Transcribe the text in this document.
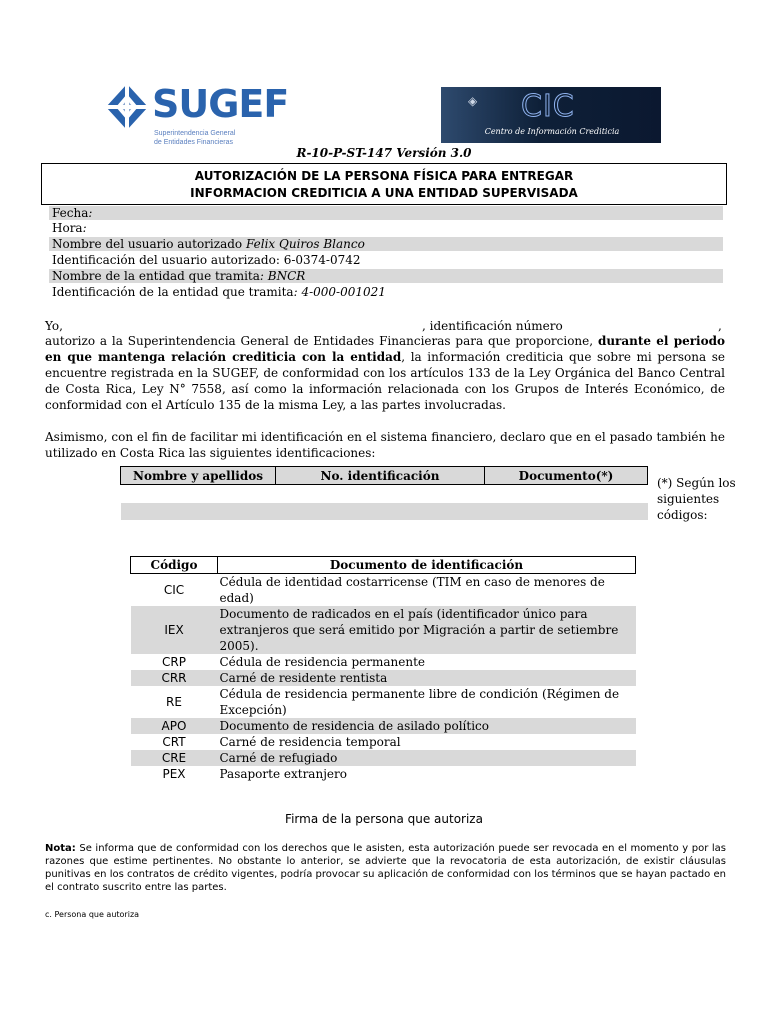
SUGEF
Superintendencia General
de Entidades Financieras
◈ CIC
Centro de Información Crediticia
R-10-P-ST-147 Versión 3.0
AUTORIZACIÓN DE LA PERSONA FÍSICA PARA ENTREGAR
INFORMACION CREDITICIA A UNA ENTIDAD SUPERVISADA
Fecha:
Hora:
Nombre del usuario autorizado Felix Quiros Blanco
Identificación del usuario autorizado: 6-0374-0742
Nombre de la entidad que tramita: BNCR
Identificación de la entidad que tramita: 4-000-001021
Yo,	, identificación número	,
autorizo a la Superintendencia General de Entidades Financieras para que proporcione, durante el periodo en que mantenga relación crediticia con la entidad, la información crediticia que sobre mi persona se encuentre registrada en la SUGEF, de conformidad con los artículos 133 de la Ley Orgánica del Banco Central de Costa Rica, Ley N° 7558, así como la información relacionada con los Grupos de Interés Económico, de conformidad con el Artículo 135 de la misma Ley, a las partes involucradas.
Asimismo, con el fin de facilitar mi identificación en el sistema financiero, declaro que en el pasado también he utilizado en Costa Rica las siguientes identificaciones:
Nombre y apellidos	No. identificación	Documento(*)

(*) Según los siguientes códigos:
Código	Documento de identificación
CIC	Cédula de identidad costarricense (TIM en caso de menores de edad)
IEX	Documento de radicados en el país (identificador único para extranjeros que será emitido por Migración a partir de setiembre 2005).
CRP	Cédula de residencia permanente
CRR	Carné de residente rentista
RE	Cédula de residencia permanente libre de condición (Régimen de Excepción)
APO	Documento de residencia de asilado político
CRT	Carné de residencia temporal
CRE	Carné de refugiado
PEX	Pasaporte extranjero
Firma de la persona que autoriza
Nota: Se informa que de conformidad con los derechos que le asisten, esta autorización puede ser revocada en el momento y por las razones que estime pertinentes. No obstante lo anterior, se advierte que la revocatoria de esta autorización, de existir cláusulas punitivas en los contratos de crédito vigentes, podría provocar su aplicación de conformidad con los términos que se hayan pactado en el contrato suscrito entre las partes.
c. Persona que autoriza
